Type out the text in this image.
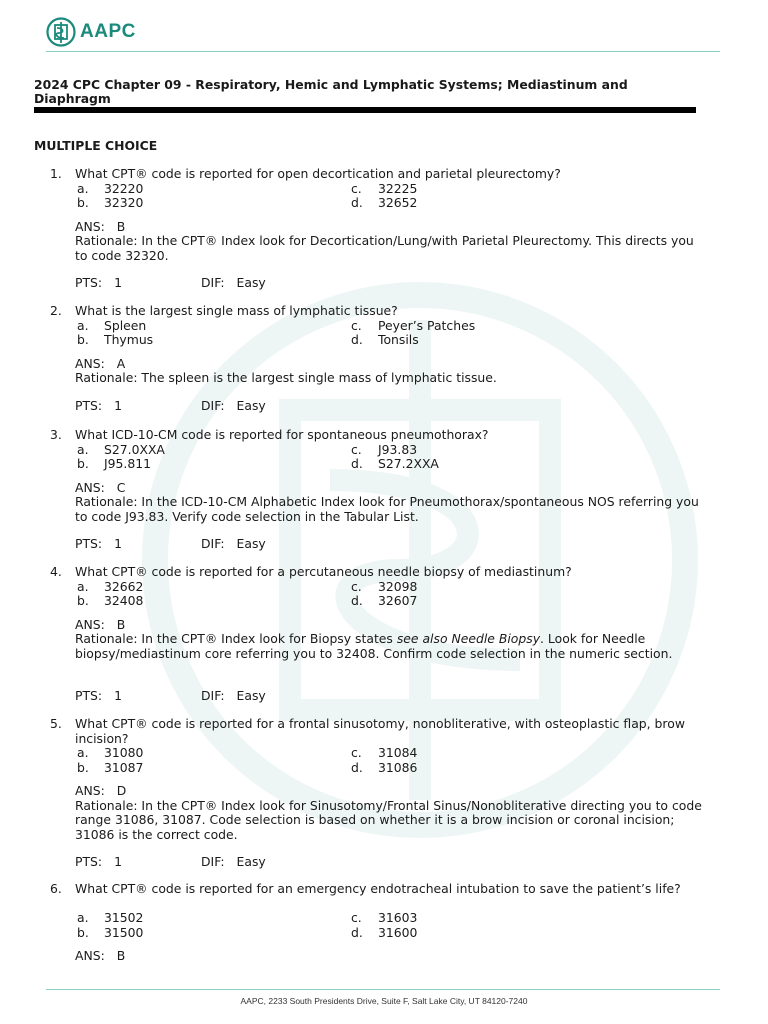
AAPC
2024 CPC Chapter 09 - Respiratory, Hemic and Lymphatic Systems; Mediastinum and Diaphragm
MULTIPLE CHOICE
1. What CPT® code is reported for open decortication and parietal pleurectomy?
a.	32220
b.	32320
c.	32225
d.	32652
ANS: B
Rationale: In the CPT® Index look for Decortication/Lung/with Parietal Pleurectomy. This directs you to code 32320.
PTS: 1	DIF: Easy
2. What is the largest single mass of lymphatic tissue?
a.	Spleen
b.	Thymus
c.	Peyer’s Patches
d.	Tonsils
ANS: A
Rationale: The spleen is the largest single mass of lymphatic tissue.
PTS: 1	DIF: Easy
3. What ICD-10-CM code is reported for spontaneous pneumothorax?
a.	S27.0XXA
b.	J95.811
c.	J93.83
d.	S27.2XXA
ANS: C
Rationale: In the ICD-10-CM Alphabetic Index look for Pneumothorax/spontaneous NOS referring you to code J93.83. Verify code selection in the Tabular List.
PTS: 1	DIF: Easy
4. What CPT® code is reported for a percutaneous needle biopsy of mediastinum?
a.	32662
b.	32408
c.	32098
d.	32607
ANS: B
Rationale: In the CPT® Index look for Biopsy states see also Needle Biopsy. Look for Needle biopsy/mediastinum core referring you to 32408. Confirm code selection in the numeric section.
PTS: 1	DIF: Easy
5. What CPT® code is reported for a frontal sinusotomy, nonobliterative, with osteoplastic flap, brow incision?
a.	31080
b.	31087
c.	31084
d.	31086
ANS: D
Rationale: In the CPT® Index look for Sinusotomy/Frontal Sinus/Nonobliterative directing you to code range 31086, 31087. Code selection is based on whether it is a brow incision or coronal incision; 31086 is the correct code.
PTS: 1	DIF: Easy
6. What CPT® code is reported for an emergency endotracheal intubation to save the patient’s life?
a.	31502
b.	31500
c.	31603
d.	31600
ANS: B
AAPC, 2233 South Presidents Drive, Suite F, Salt Lake City, UT 84120-7240
